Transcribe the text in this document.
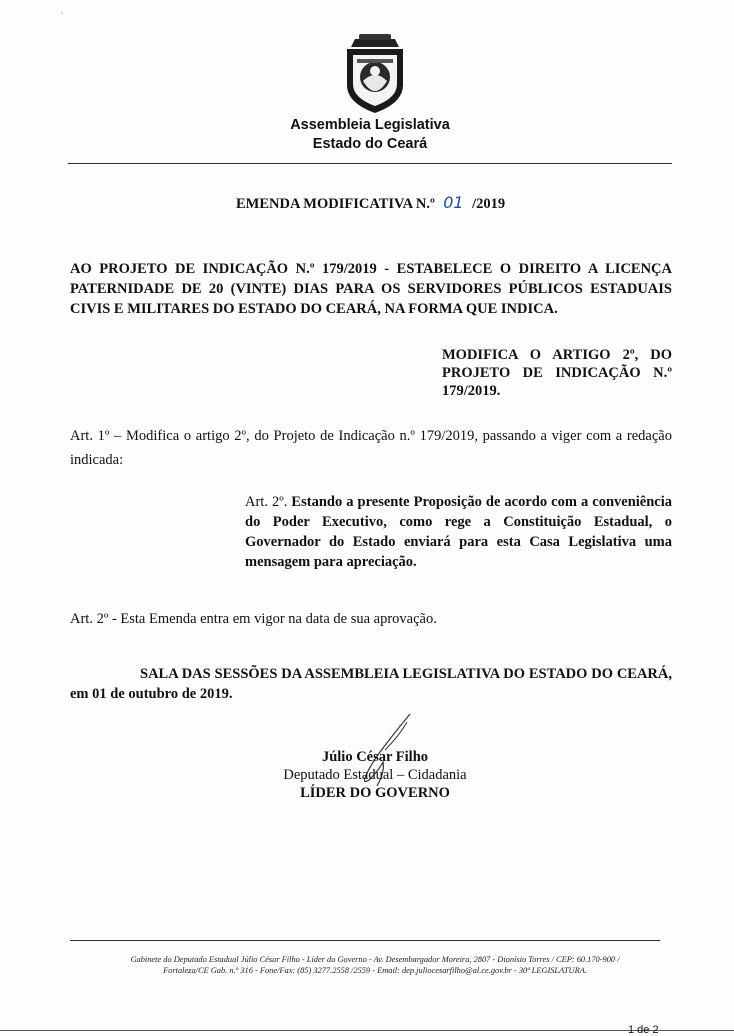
´
Assembleia Legislativa
Estado do Ceará
EMENDA MODIFICATIVA N.º 01 /2019
AO PROJETO DE INDICAÇÃO N.º 179/2019 - ESTABELECE O DIREITO A LICENÇA PATERNIDADE DE 20 (VINTE) DIAS PARA OS SERVIDORES PÚBLICOS ESTADUAIS CIVIS E MILITARES DO ESTADO DO CEARÁ, NA FORMA QUE INDICA.
MODIFICA O ARTIGO 2º, DO PROJETO DE INDICAÇÃO N.º 179/2019.
Art. 1º – Modifica o artigo 2º, do Projeto de Indicação n.º 179/2019, passando a viger com a redação indicada:
Art. 2º. Estando a presente Proposição de acordo com a conveniência do Poder Executivo, como rege a Constituição Estadual, o Governador do Estado enviará para esta Casa Legislativa uma mensagem para apreciação.
Art. 2º - Esta Emenda entra em vigor na data de sua aprovação.
SALA DAS SESSÕES DA ASSEMBLEIA LEGISLATIVA DO ESTADO DO CEARÁ, em 01 de outubro de 2019.
Júlio César Filho
Deputado Estadual – Cidadania
LÍDER DO GOVERNO
Gabinete do Deputado Estadual Júlio César Filho - Líder do Governo - Av. Desembargador Moreira, 2807 - Dionísio Torres / CEP: 60.170-900 /
Fortaleza/CE Gab. n.º 316 - Fone/Fax: (85) 3277.2558 /2559 - Email: dep.juliocesarfilho@al.ce.gov.br - 30ª LEGISLATURA.
1 de 2
